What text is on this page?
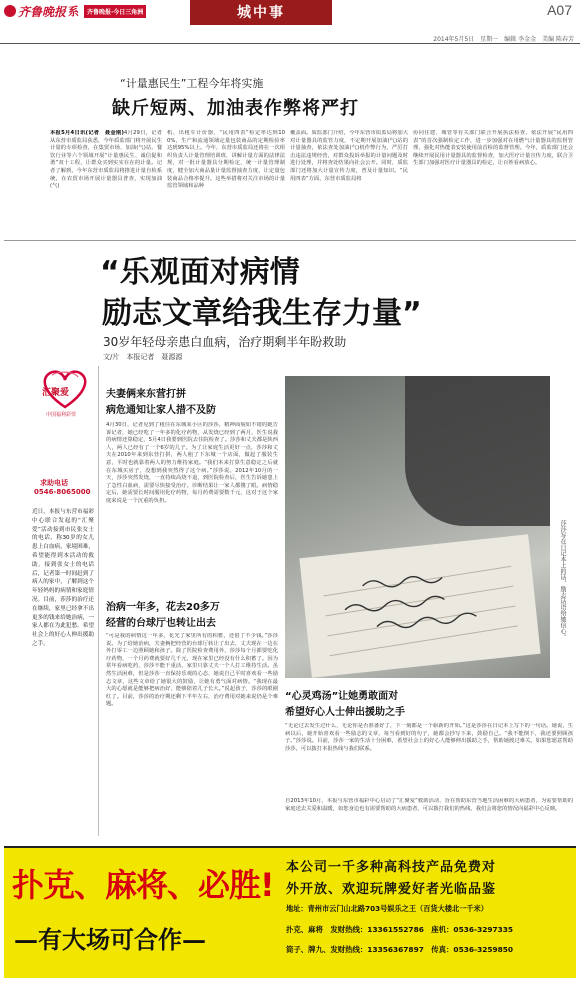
齐鲁晚报 系	齐鲁晚报·今日三角洲	城中事	A07
2014年5月5日　星期一　编辑 李金金　美编 陈春芳
“计量惠民生”工程今年将实施
缺斤短两、加油表作弊将严打
本报5月4日讯(记者　聂金刚)4月29日，记者从东营市质监局获悉，今年质监部门将开展民生计量的专项检查，在集贸市场、加油(气)站、餐饮行业等六个领域开展“计量惠民生、诚信促和谐”双十工程，让群众买到实实在在的计量。记者了解到，今年东营市质监局将推进计量自检系统，在农贸市场开展计量器具普查，实现加油(气)
机、出租车计价器、“民用四表”检定率达到100%，生产和流通领域定量包装商品的定期检验率达到95%以上。今年，东营市质监局还将在一次组织负责人计量管理培训班，讲解计量方面的法律法规，对一批计量器具分期检定，统一计量管理制度，健全加大商品量计量监督抽查力度，让定量包装商品合格率提升。这些举措将对关注市场的计量监管领域和品种
覆盖面。质监部门介绍，今年东营市质监局将加大对计量器具的监管力度，不定期开展加油(气)站的计量抽查，依法查处加油(气)机作弊行为，严厉打击违法违规经营，对群众投诉举报的计量问题及时进行处理，并将查处结果向社会公开。同时，质监部门还将加大计量宣传力度，普及计量知识。“民用四表”方面，东营市质监局将
协同住建、城管等有关部门联合开展执法检查，依法开展“民用四表”的首次强制检定工作，进一步加强对在用燃气计量器具的监督管理，强化对热能表安装使用前首检的监督管理。今年，质监部门还会继续开展民用计量器具的监督检查，加大医疗计量宣传力度，联合卫生部门加强对医疗计量器具的检定，让百姓看病放心。
“乐观面对病情
励志文章给我生存力量”
30岁年轻母亲患白血病，治疗期剩半年盼救助
文/片　本报记者　聂源源
汇聚爱
中国福利彩票
求助电话
0546-8065000
近日，本报与东营市福彩中心联合发起的“汇聚爱”活动接到市民张女士的电话，称30岁的女儿患上白血病，家境困难，希望能得到本活动的救助。接到张女士的电话后，记者第一时间赶到了病人的家中，了解到这个年轻妈妈的病情和家庭情况。目前，莎莎的治疗还在继续，家里已经拿不出更多的钱来给她治病，一家人都在为此犯愁。希望社会上的好心人伸出援助之手。
夫妻俩来东营打拼
病危通知让家人措不及防
4月30日，记者见到了租住在东城某小区的莎莎，精神面貌如不错的她告诉记者，她已经吃了一年多的化疗药物，从发烧已经到了两月，医生说我的病情还算稳定，5月4日我要到医院去住院检查了。莎莎和丈夫都是陕西人，两人已经有了一个6岁的儿子。为了让家庭生活更好一点，莎莎和丈夫在2010年来到东营打拼，两人租了下东城一个店面，做起了服装生意，平时也就靠着两人的努力维持家庭。“我们本来打算生意稳定之后就在东城买房子，没想到我突然得了这个病。”莎莎说。2012年10月的一天，莎莎突然发烧，一直持续高烧不退，到医院检查后，医生告诉她患上了急性白血病，需要尽快接受治疗。诊断结果让一家人都傻了眼。病情稳定后，她需要长时间服用化疗药物，每月药费需要数千元，这对于这个家庭来说是一个沉重的负担。
治病一年多，花去20多万
经营的台球厅也转让出去
“可是我的病情这一年多，花光了家里所有的积蓄，还借了不少钱。”莎莎说。为了给她治病，夫妻俩把经营的台球厅转让了出去，丈夫现在一边在外打零工一边照顾她和孩子。除了医院检查费用外，莎莎每个月都要吃化疗药物，一个月药费就要好几千元，现在家里已经没有什么积蓄了。因为常年看病吃药，莎莎不能干重活，家里只靠丈夫一个人打工维持生活。虽然生活困难，但是莎莎一直保持乐观的心态，她说自己平时喜欢看一些励志文章，这些文章给了她很大的鼓励，让她有勇气面对病情。“我现在最大的心愿就是能够把病治好，能够陪着儿子长大。”说起孩子，莎莎的眼圈红了。目前，莎莎的治疗期还剩下半年左右，治疗费用对她来说仍是个难题。
莎莎写在日记本上的话，励志话语给她信心。
“心灵鸡汤”让她勇敢面对
希望好心人士伸出援助之手
“无论过去发生过什么，无论你是否准备好了，下一刻都是一个崭新的开始。”这是莎莎在日记本上写下的一句话。她说，生病以后，她开始喜欢看一些励志的文章，每当看到好的句子，她都会抄写下来，鼓励自己。“我不能倒下，我还要照顾孩子。”莎莎说。目前，莎莎一家的生活十分困难，希望社会上的好心人能够伸出援助之手，帮助她渡过难关。如果您愿意帮助莎莎，可以拨打本报热线与我们联系。
自2013年10月，本报与东营市福彩中心启动了“汇聚爱”救助活动，旨在帮助东营当地生活困难的大病患者，为需要帮助的家庭送去关爱和温暖，如您身边也有需要帮助的大病患者，可以拨打我们的热线，我们会将您的情况向福彩中心反映。
扑克、麻将、必胜!
—有大场可合作—
本公司一千多种高科技产品免费对
外开放、欢迎玩牌爱好者光临品鉴
地址：青州市云门山北路703号娱乐之王（百货大楼北一千米）
扑克、麻将　发财热线：13361552786　座机：0536-3297335
筒子、牌九、发财热线：13356367897　传真：0536-3259850
